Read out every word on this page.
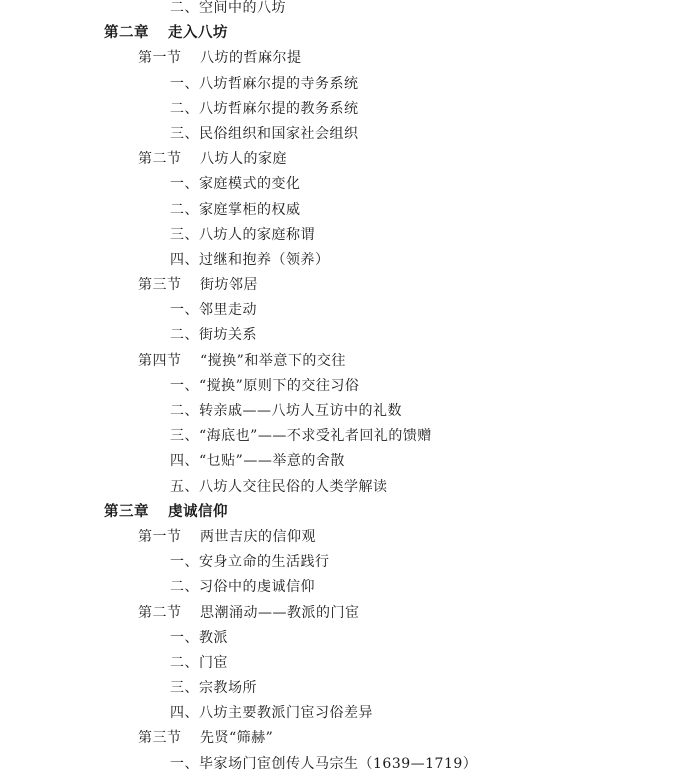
二、空间中的八坊
第二章 走入八坊
第一节 八坊的哲麻尔提
一、八坊哲麻尔提的寺务系统
二、八坊哲麻尔提的教务系统
三、民俗组织和国家社会组织
第二节 八坊人的家庭
一、家庭模式的变化
二、家庭掌柜的权威
三、八坊人的家庭称谓
四、过继和抱养（领养）
第三节 街坊邻居
一、邻里走动
二、街坊关系
第四节 “搅换”和举意下的交往
一、“搅换”原则下的交往习俗
二、转亲戚——八坊人互访中的礼数
三、“海底也”——不求受礼者回礼的馈赠
四、“乜贴”——举意的舍散
五、八坊人交往民俗的人类学解读
第三章 虔诚信仰
第一节 两世吉庆的信仰观
一、安身立命的生活践行
二、习俗中的虔诚信仰
第二节 思潮涌动——教派的门宦
一、教派
二、门宦
三、宗教场所
四、八坊主要教派门宦习俗差异
第三节 先贤“筛赫”
一、毕家场门宦创传人马宗生（1639—1719）
